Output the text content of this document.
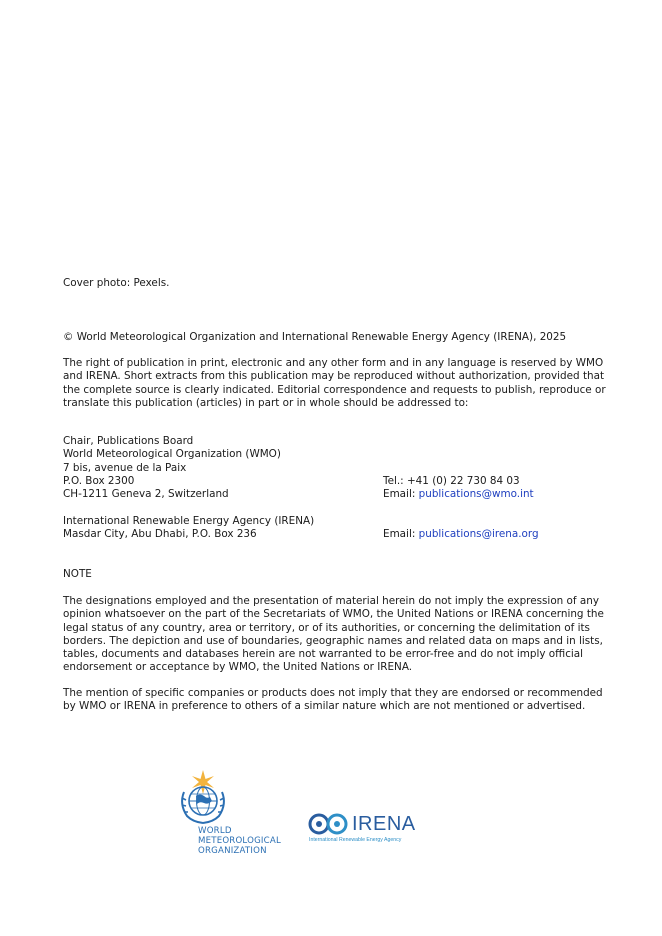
Cover photo: Pexels.
© World Meteorological Organization and International Renewable Energy Agency (IRENA), 2025
The right of publication in print, electronic and any other form and in any language is reserved by WMO
and IRENA. Short extracts from this publication may be reproduced without authorization, provided that
the complete source is clearly indicated. Editorial correspondence and requests to publish, reproduce or
translate this publication (articles) in part or in whole should be addressed to:
Chair, Publications Board
World Meteorological Organization (WMO)
7 bis, avenue de la Paix
P.O. Box 2300
CH-1211 Geneva 2, Switzerland
Tel.: +41 (0) 22 730 84 03
Email: publications@wmo.int
International Renewable Energy Agency (IRENA)
Masdar City, Abu Dhabi, P.O. Box 236	Email: publications@irena.org
NOTE
The designations employed and the presentation of material herein do not imply the expression of any
opinion whatsoever on the part of the Secretariats of WMO, the United Nations or IRENA concerning the
legal status of any country, area or territory, or of its authorities, or concerning the delimitation of its
borders. The depiction and use of boundaries, geographic names and related data on maps and in lists,
tables, documents and databases herein are not warranted to be error-free and do not imply official
endorsement or acceptance by WMO, the United Nations or IRENA.
The mention of specific companies or products does not imply that they are endorsed or recommended
by WMO or IRENA in preference to others of a similar nature which are not mentioned or advertised.
WORLD
METEOROLOGICAL
ORGANIZATION
IRENA
International Renewable Energy Agency
